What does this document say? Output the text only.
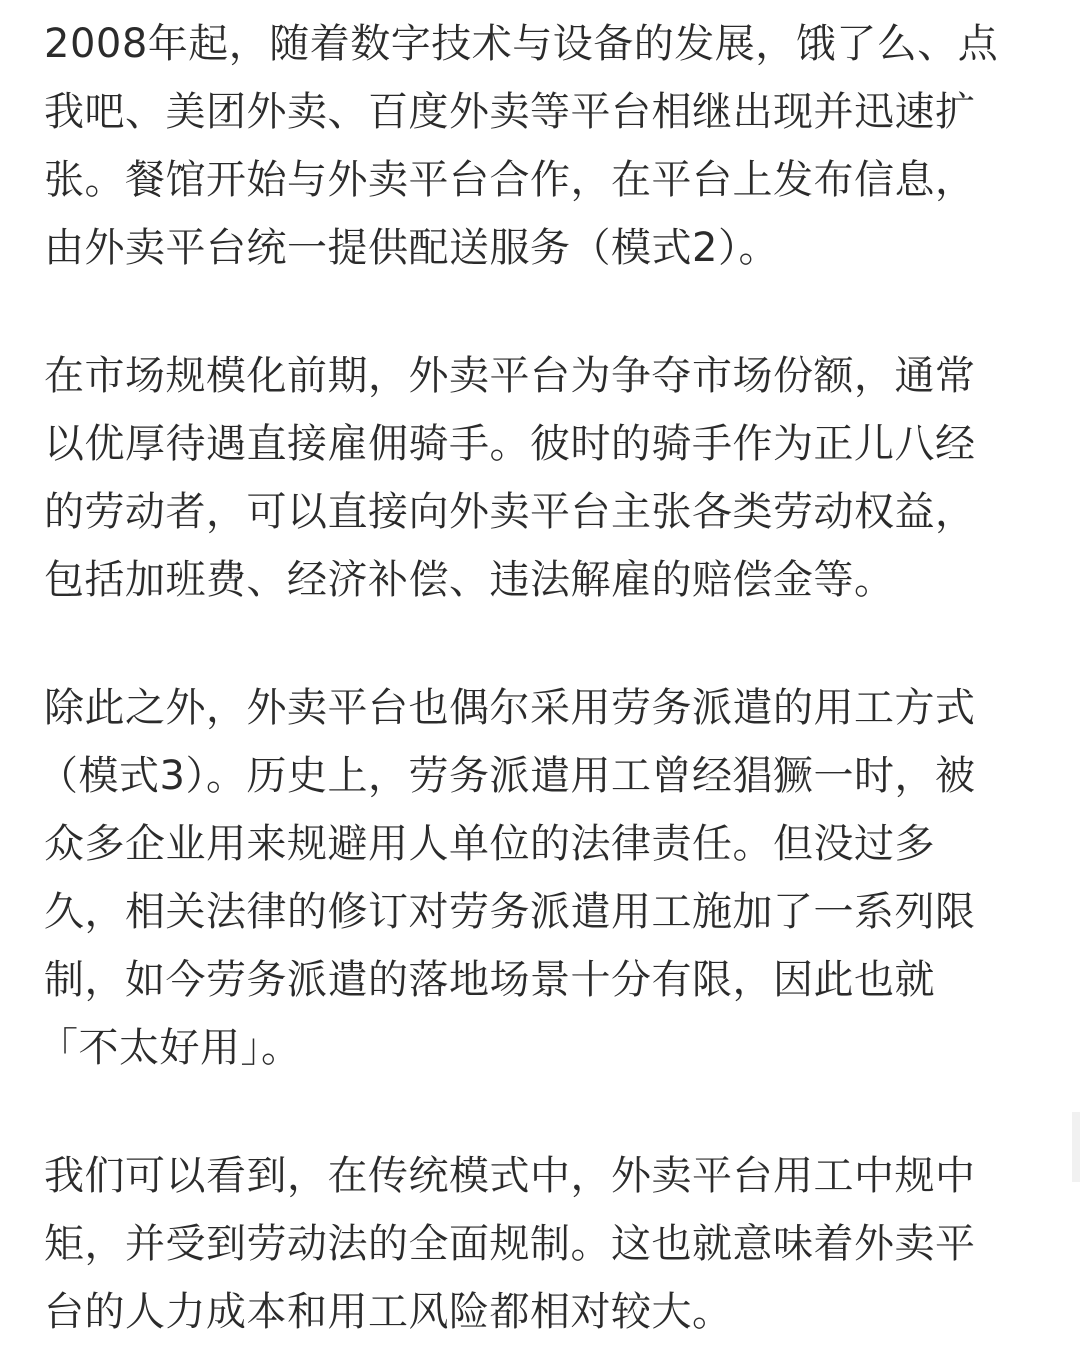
2008年起，随着数字技术与设备的发展，饿了么、点
我吧、美团外卖、百度外卖等平台相继出现并迅速扩
张。餐馆开始与外卖平台合作，在平台上发布信息，
由外卖平台统一提供配送服务（模式2）。

在市场规模化前期，外卖平台为争夺市场份额，通常
以优厚待遇直接雇佣骑手。彼时的骑手作为正儿八经
的劳动者，可以直接向外卖平台主张各类劳动权益，
包括加班费、经济补偿、违法解雇的赔偿金等。

除此之外，外卖平台也偶尔采用劳务派遣的用工方式
（模式3）。历史上，劳务派遣用工曾经猖獗一时，被
众多企业用来规避用人单位的法律责任。但没过多
久，相关法律的修订对劳务派遣用工施加了一系列限
制，如今劳务派遣的落地场景十分有限，因此也就
「不太好用」。

我们可以看到，在传统模式中，外卖平台用工中规中
矩，并受到劳动法的全面规制。这也就意味着外卖平
台的人力成本和用工风险都相对较大。
